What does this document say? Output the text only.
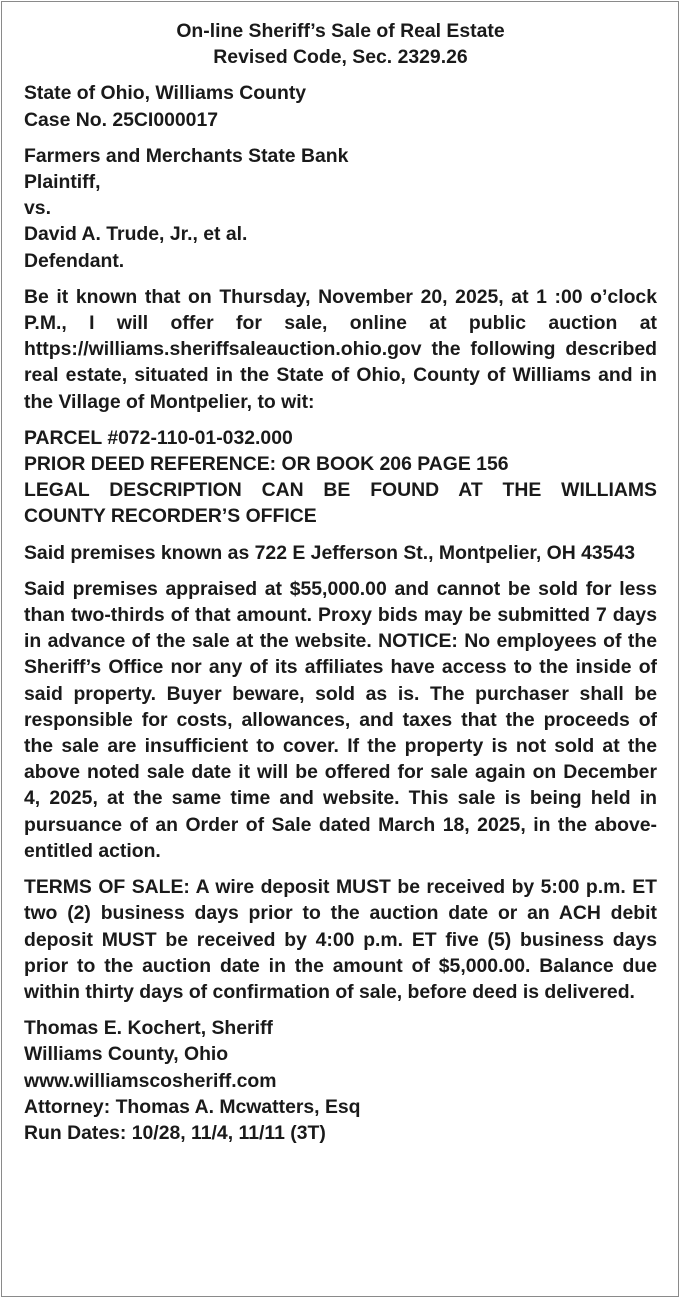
On-line Sheriff’s Sale of Real Estate
Revised Code, Sec. 2329.26
State of Ohio, Williams County
Case No. 25CI000017
Farmers and Merchants State Bank
Plaintiff,
vs.
David A. Trude, Jr., et al.
Defendant.
Be it known that on Thursday, November 20, 2025, at 1 :00 o’clock P.M., I will offer for sale, online at public auction at https://williams.sheriffsaleauction.ohio.gov the following described real estate, situated in the State of Ohio, County of Williams and in the Village of Montpelier, to wit:
PARCEL #072-110-01-032.000
PRIOR DEED REFERENCE: OR BOOK 206 PAGE 156
LEGAL DESCRIPTION CAN BE FOUND AT THE WILLIAMS
COUNTY RECORDER’S OFFICE
Said premises known as 722 E Jefferson St., Montpelier, OH 43543
Said premises appraised at $55,000.00 and cannot be sold for less than two-thirds of that amount. Proxy bids may be submitted 7 days in advance of the sale at the website. NOTICE: No employees of the Sheriff’s Office nor any of its affiliates have access to the inside of said property. Buyer beware, sold as is. The purchaser shall be responsible for costs, allowances, and taxes that the proceeds of the sale are insufficient to cover. If the property is not sold at the above noted sale date it will be offered for sale again on December 4, 2025, at the same time and website. This sale is being held in pursuance of an Order of Sale dated March 18, 2025, in the above-entitled action.
TERMS OF SALE: A wire deposit MUST be received by 5:00 p.m. ET two (2) business days prior to the auction date or an ACH debit deposit MUST be received by 4:00 p.m. ET five (5) business days prior to the auction date in the amount of $5,000.00. Balance due within thirty days of confirmation of sale, before deed is delivered.
Thomas E. Kochert, Sheriff
Williams County, Ohio
www.williamscosheriff.com
Attorney: Thomas A. Mcwatters, Esq
Run Dates: 10/28, 11/4, 11/11 (3T)
